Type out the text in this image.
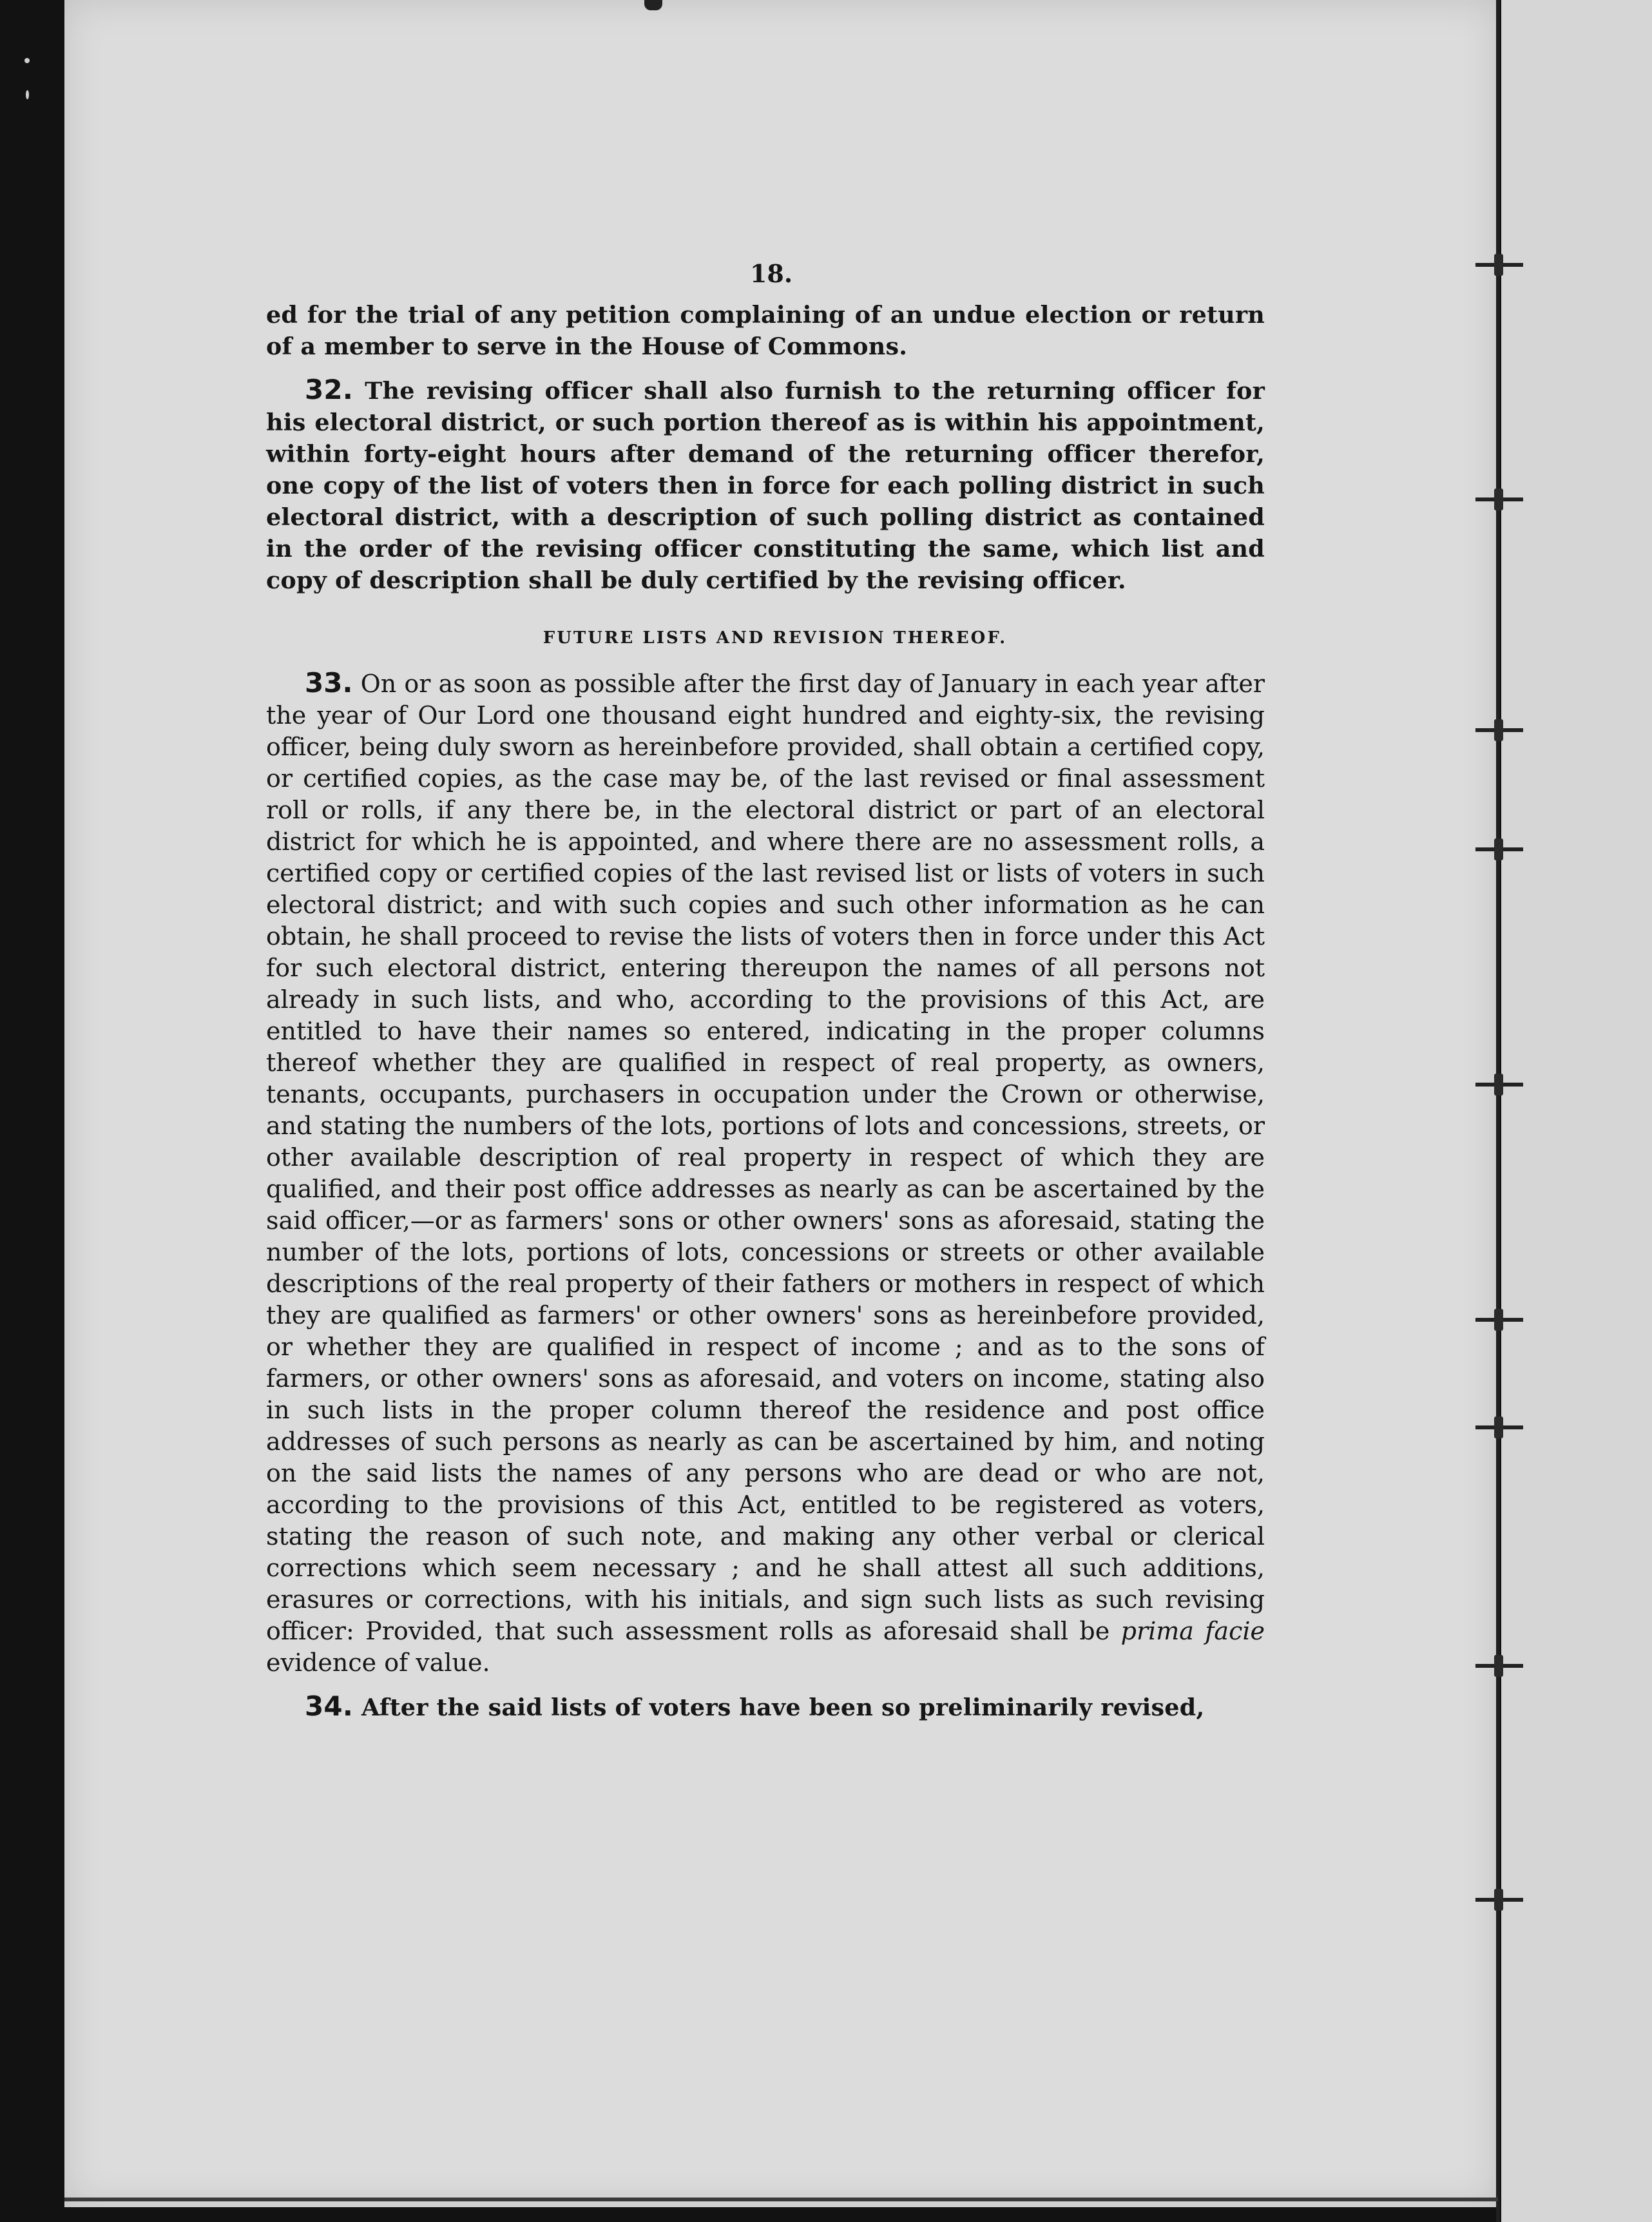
18.

ed for the trial of any petition complaining of an undue election or return of a member to serve in the House of Commons.

32. The revising officer shall also furnish to the returning officer for his electoral district, or such portion thereof as is within his appointment, within forty-eight hours after demand of the returning officer therefor, one copy of the list of voters then in force for each polling district in such electoral district, with a description of such polling district as contained in the order of the revising officer constituting the same, which list and copy of description shall be duly certified by the revising officer.

FUTURE LISTS AND REVISION THEREOF.

33. On or as soon as possible after the first day of January in each year after the year of Our Lord one thousand eight hundred and eighty-six, the revising officer, being duly sworn as hereinbefore provided, shall obtain a certified copy, or certified copies, as the case may be, of the last revised or final assessment roll or rolls, if any there be, in the electoral district or part of an electoral district for which he is appointed, and where there are no assessment rolls, a certified copy or certified copies of the last revised list or lists of voters in such electoral district; and with such copies and such other information as he can obtain, he shall proceed to revise the lists of voters then in force under this Act for such electoral district, entering thereupon the names of all persons not already in such lists, and who, according to the provisions of this Act, are entitled to have their names so entered, indicating in the proper columns thereof whether they are qualified in respect of real property, as owners, tenants, occupants, purchasers in occupation under the Crown or otherwise, and stating the numbers of the lots, portions of lots and concessions, streets, or other available description of real property in respect of which they are qualified, and their post office addresses as nearly as can be ascertained by the said officer,—or as farmers' sons or other owners' sons as aforesaid, stating the number of the lots, portions of lots, concessions or streets or other available descriptions of the real property of their fathers or mothers in respect of which they are qualified as farmers' or other owners' sons as hereinbefore provided, or whether they are qualified in respect of income ; and as to the sons of farmers, or other owners' sons as aforesaid, and voters on income, stating also in such lists in the proper column thereof the residence and post office addresses of such persons as nearly as can be ascertained by him, and noting on the said lists the names of any persons who are dead or who are not, according to the provisions of this Act, entitled to be registered as voters, stating the reason of such note, and making any other verbal or clerical corrections which seem necessary ; and he shall attest all such additions, erasures or corrections, with his initials, and sign such lists as such revising officer: Provided, that such assessment rolls as aforesaid shall be prima facie evidence of value.

34. After the said lists of voters have been so preliminarily revised,
